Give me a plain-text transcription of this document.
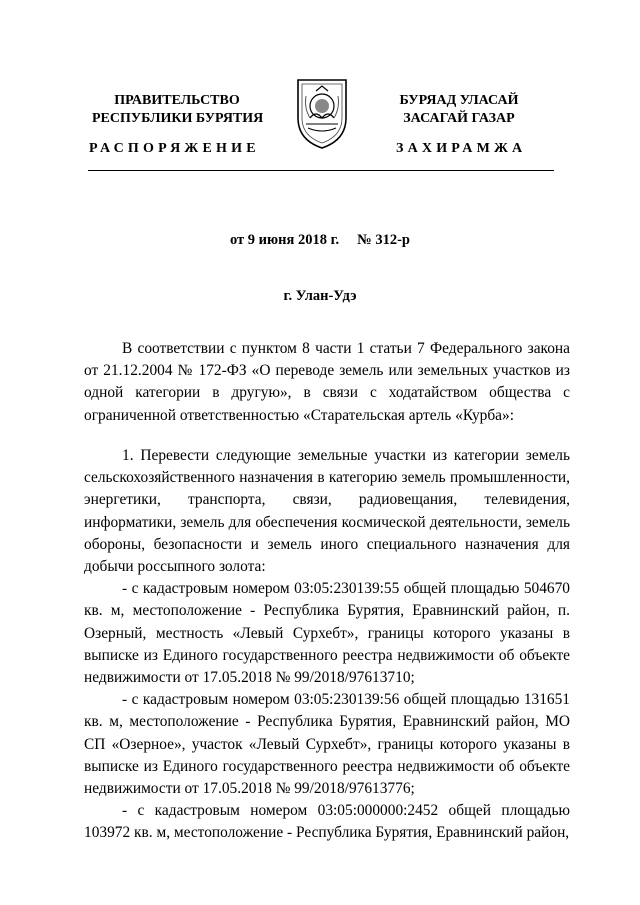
ПРАВИТЕЛЬСТВО
РЕСПУБЛИКИ БУРЯТИЯ
БУРЯАД УЛАСАЙ
ЗАСАГАЙ ГАЗАР
РАСПОРЯЖЕНИЕ	ЗАХИРАМЖА
от 9 июня 2018 г. № 312-р
г. Улан-Удэ

В соответствии с пунктом 8 части 1 статьи 7 Федерального закона от 21.12.2004 № 172-ФЗ «О переводе земель или земельных участков из одной категории в другую», в связи с ходатайством общества с ограниченной ответственностью «Старательская артель «Курба»:

1. Перевести следующие земельные участки из категории земель сельскохозяйственного назначения в категорию земель промышленности, энергетики, транспорта, связи, радиовещания, телевидения, информатики, земель для обеспечения космической деятельности, земель обороны, безопасности и земель иного специального назначения для добычи россыпного золота:

- с кадастровым номером 03:05:230139:55 общей площадью 504670 кв. м, местоположение - Республика Бурятия, Еравнинский район, п. Озерный, местность «Левый Сурхебт», границы которого указаны в выписке из Единого государственного реестра недвижимости об объекте недвижимости от 17.05.2018 № 99/2018/97613710;

- с кадастровым номером 03:05:230139:56 общей площадью 131651 кв. м, местоположение - Республика Бурятия, Еравнинский район, МО СП «Озерное», участок «Левый Сурхебт», границы которого указаны в выписке из Единого государственного реестра недвижимости об объекте недвижимости от 17.05.2018 № 99/2018/97613776;

- с кадастровым номером 03:05:000000:2452 общей площадью 103972 кв. м, местоположение - Республика Бурятия, Еравнинский район,
